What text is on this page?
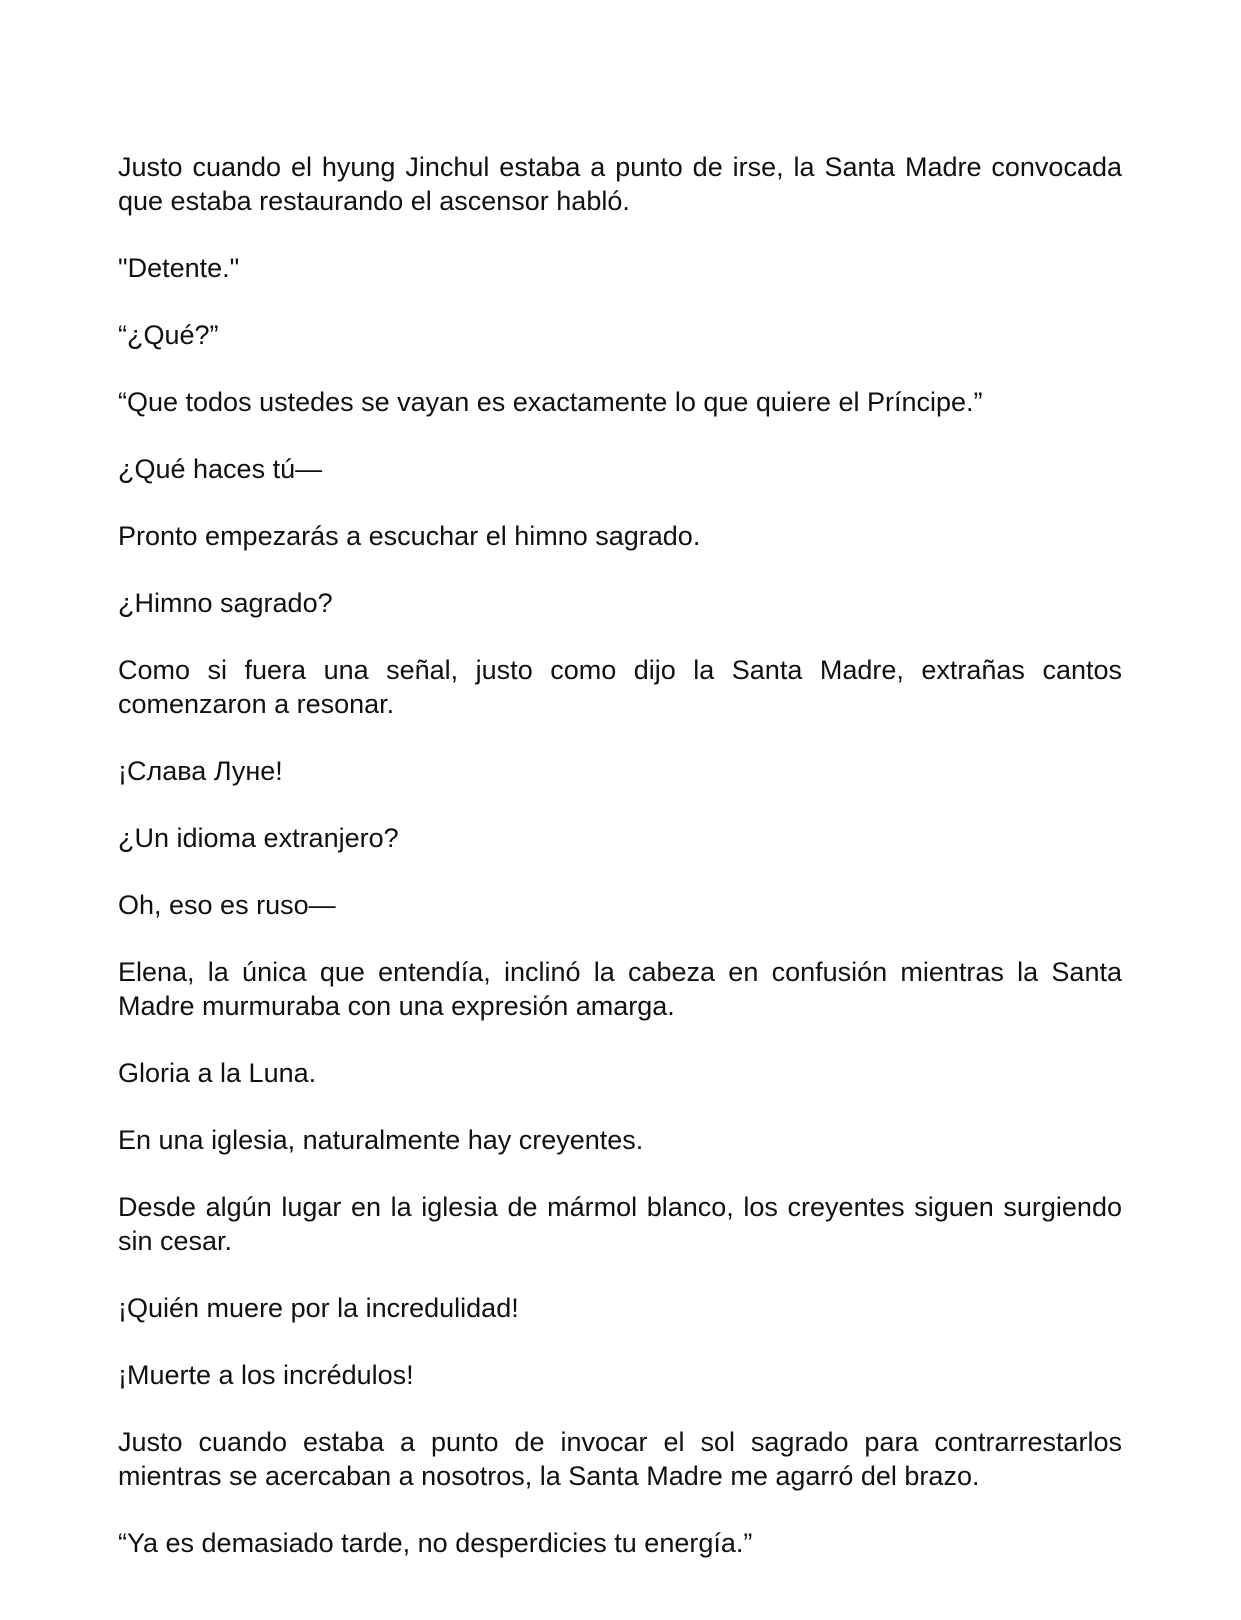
Justo cuando el hyung Jinchul estaba a punto de irse, la Santa Madre convocada que estaba restaurando el ascensor habló.

"Detente."

“¿Qué?”

“Que todos ustedes se vayan es exactamente lo que quiere el Príncipe.”

¿Qué haces tú—

Pronto empezarás a escuchar el himno sagrado.

¿Himno sagrado?

Como si fuera una señal, justo como dijo la Santa Madre, extrañas cantos comenzaron a resonar.

¡Слава Луне!

¿Un idioma extranjero?

Oh, eso es ruso—

Elena, la única que entendía, inclinó la cabeza en confusión mientras la Santa Madre murmuraba con una expresión amarga.

Gloria a la Luna.

En una iglesia, naturalmente hay creyentes.

Desde algún lugar en la iglesia de mármol blanco, los creyentes siguen surgiendo sin cesar.

¡Quién muere por la incredulidad!

¡Muerte a los incrédulos!

Justo cuando estaba a punto de invocar el sol sagrado para contrarrestarlos mientras se acercaban a nosotros, la Santa Madre me agarró del brazo.

“Ya es demasiado tarde, no desperdicies tu energía.”
